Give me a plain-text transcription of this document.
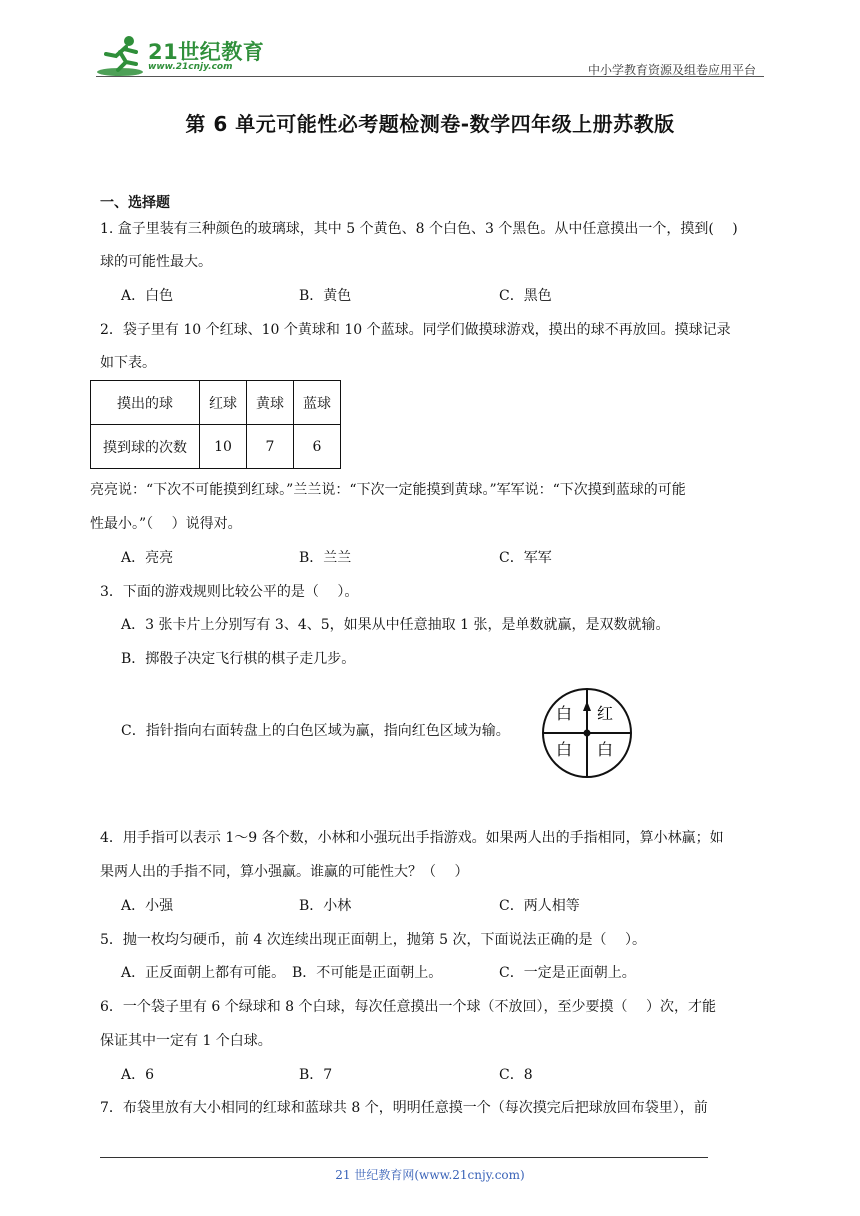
21世纪教育
www.21cnjy.com	中小学教育资源及组卷应用平台
第 6 单元可能性必考题检测卷-数学四年级上册苏教版
一、选择题
1. 盒子里装有三种颜色的玻璃球，其中 5 个黄色、8 个白色、3 个黑色。从中任意摸出一个，摸到(　 )
球的可能性最大。
A．白色	B．黄色	C．黑色
2．袋子里有 10 个红球、10 个黄球和 10 个蓝球。同学们做摸球游戏，摸出的球不再放回。摸球记录
如下表。
摸出的球	红球	黄球	蓝球
摸到球的次数	10	7	6
亮亮说：“下次不可能摸到红球。”兰兰说：“下次一定能摸到黄球。”军军说：“下次摸到蓝球的可能
性最小。”（　 ）说得对。
A．亮亮	B．兰兰	C．军军
3．下面的游戏规则比较公平的是（　 ）。
A．3 张卡片上分别写有 3、4、5，如果从中任意抽取 1 张，是单数就赢，是双数就输。
B．掷骰子决定飞行棋的棋子走几步。
C．指针指向右面转盘上的白色区域为赢，指向红色区域为输。
白 红
白 白
4．用手指可以表示 1～9 各个数，小林和小强玩出手指游戏。如果两人出的手指相同，算小林赢；如
果两人出的手指不同，算小强赢。谁赢的可能性大？（　 ）
A．小强	B．小林	C．两人相等
5．抛一枚均匀硬币，前 4 次连续出现正面朝上，抛第 5 次，下面说法正确的是（　 ）。
A．正反面朝上都有可能。 B．不可能是正面朝上。	C．一定是正面朝上。
6．一个袋子里有 6 个绿球和 8 个白球，每次任意摸出一个球（不放回），至少要摸（　 ）次，才能
保证其中一定有 1 个白球。
A．6	B．7	C．8
7．布袋里放有大小相同的红球和蓝球共 8 个，明明任意摸一个（每次摸完后把球放回布袋里），前
21 世纪教育网(www.21cnjy.com)
